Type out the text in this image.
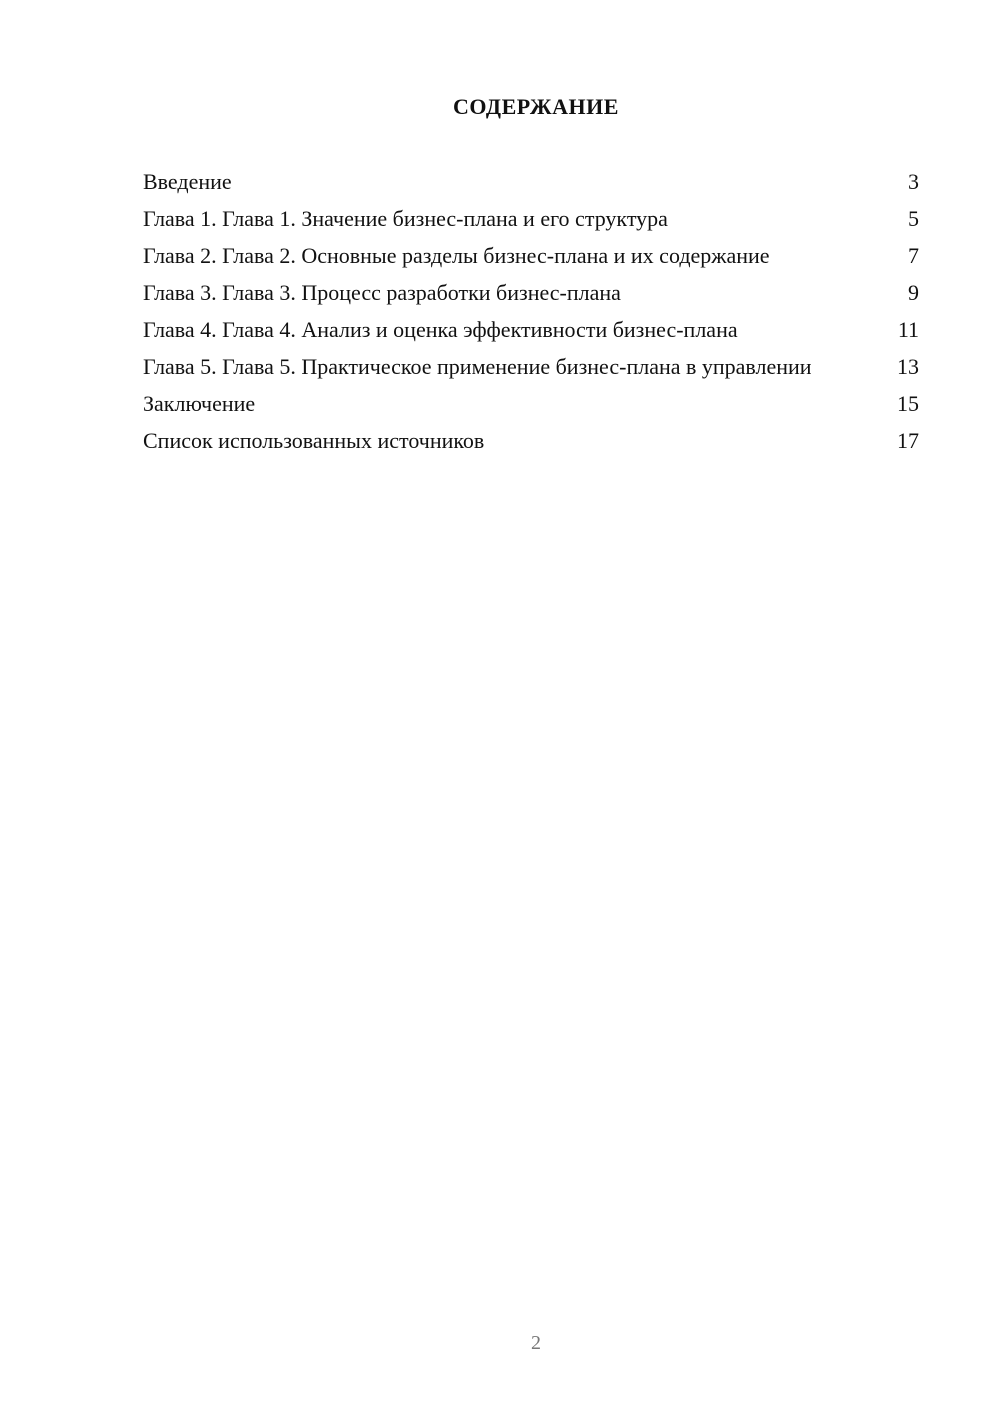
СОДЕРЖАНИЕ
Введение	3
Глава 1. Глава 1. Значение бизнес-плана и его структура	5
Глава 2. Глава 2. Основные разделы бизнес-плана и их содержание	7
Глава 3. Глава 3. Процесс разработки бизнес-плана	9
Глава 4. Глава 4. Анализ и оценка эффективности бизнес-плана	11
Глава 5. Глава 5. Практическое применение бизнес-плана в управлении	13
Заключение	15
Список использованных источников	17
2
